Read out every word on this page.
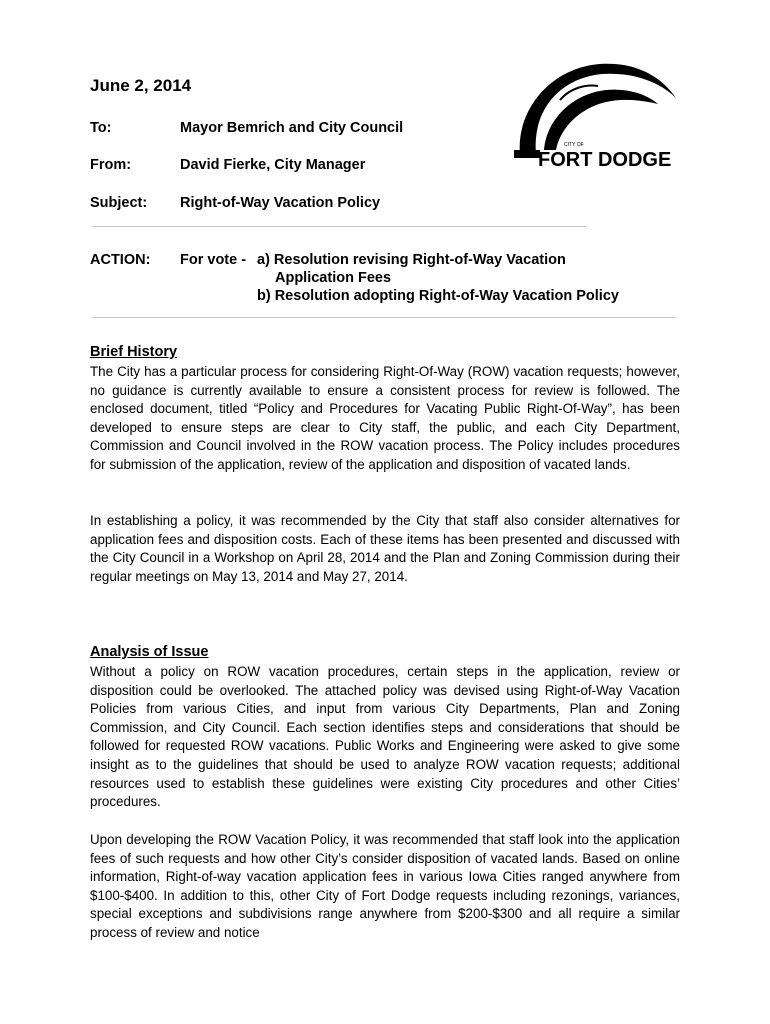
June 2, 2014
To:	Mayor Bemrich and City Council
From:	David Fierke, City Manager
Subject: Right-of-Way Vacation Policy
ACTION: For vote - a) Resolution revising Right-of-Way Vacation
Application Fees
b) Resolution adopting Right-of-Way Vacation Policy
CITY OF
FORT DODGE
Brief History

The City has a particular process for considering Right-Of-Way (ROW) vacation requests; however, no guidance is currently available to ensure a consistent process for review is followed. The enclosed document, titled “Policy and Procedures for Vacating Public Right-Of-Way”, has been developed to ensure steps are clear to City staff, the public, and each City Department, Commission and Council involved in the ROW vacation process. The Policy includes procedures for submission of the application, review of the application and disposition of vacated lands.

In establishing a policy, it was recommended by the City that staff also consider alternatives for application fees and disposition costs. Each of these items has been presented and discussed with the City Council in a Workshop on April 28, 2014 and the Plan and Zoning Commission during their regular meetings on May 13, 2014 and May 27, 2014.

Analysis of Issue

Without a policy on ROW vacation procedures, certain steps in the application, review or disposition could be overlooked. The attached policy was devised using Right-of-Way Vacation Policies from various Cities, and input from various City Departments, Plan and Zoning Commission, and City Council. Each section identifies steps and considerations that should be followed for requested ROW vacations. Public Works and Engineering were asked to give some insight as to the guidelines that should be used to analyze ROW vacation requests; additional resources used to establish these guidelines were existing City procedures and other Cities’ procedures.

Upon developing the ROW Vacation Policy, it was recommended that staff look into the application fees of such requests and how other City’s consider disposition of vacated lands. Based on online information, Right-of-way vacation application fees in various Iowa Cities ranged anywhere from $100-$400. In addition to this, other City of Fort Dodge requests including rezonings, variances, special exceptions and subdivisions range anywhere from $200-$300 and all require a similar process of review and notice
